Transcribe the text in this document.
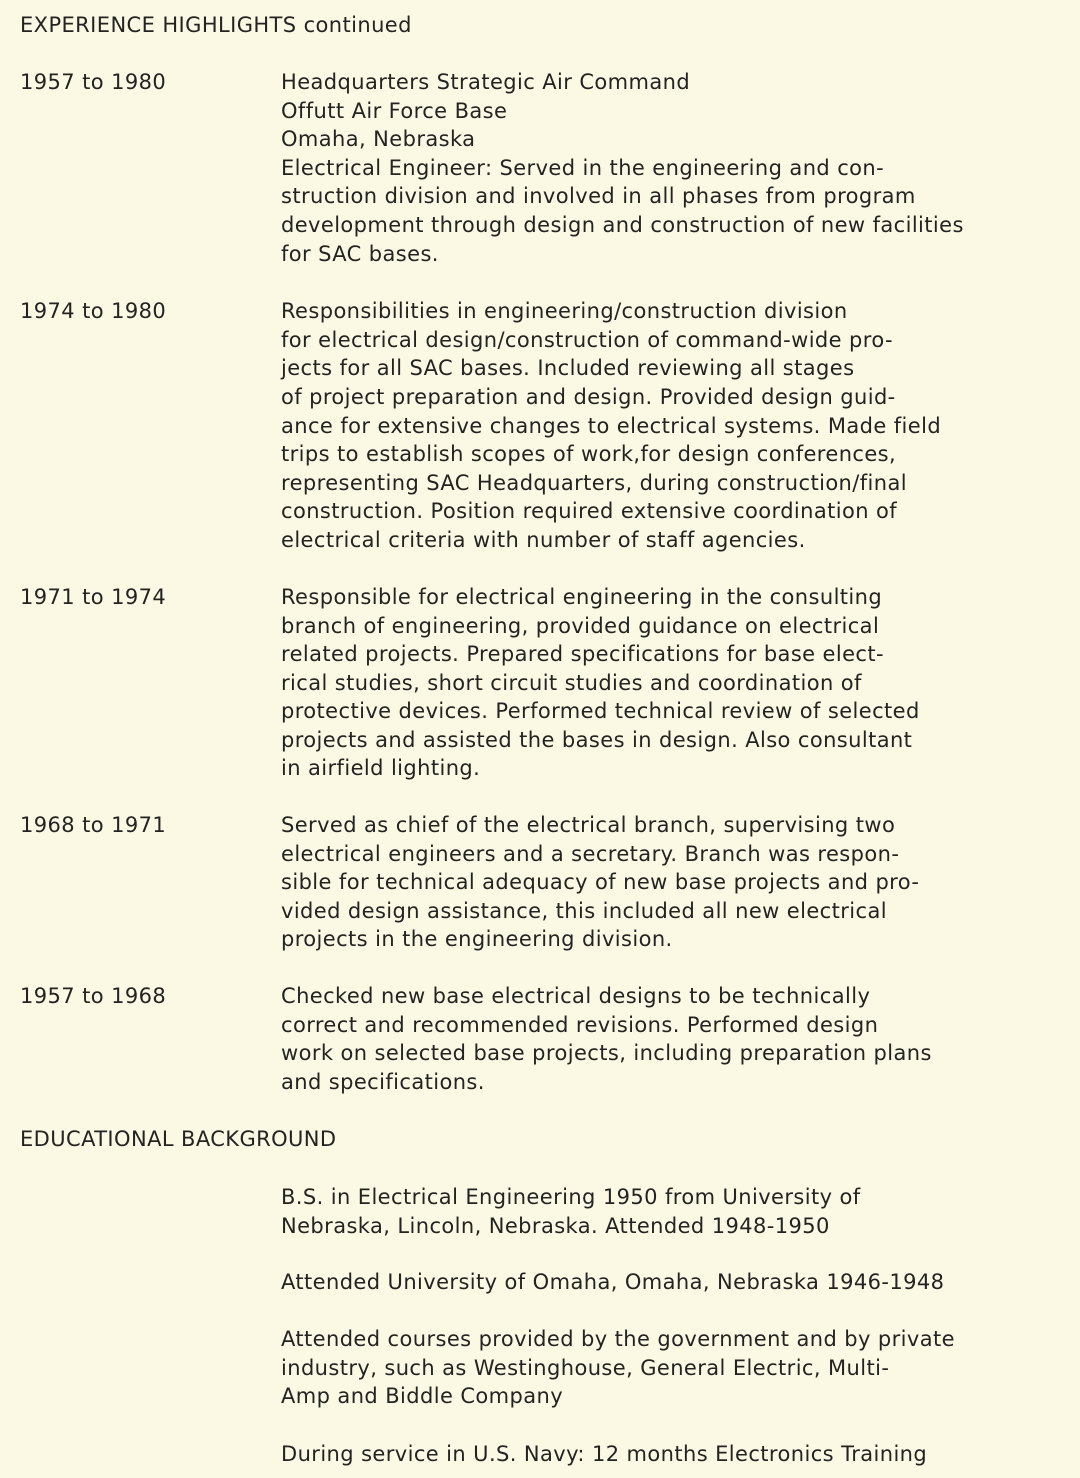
EXPERIENCE HIGHLIGHTS continued
1957 to 1980	Headquarters Strategic Air Command
Offutt Air Force Base
Omaha, Nebraska
Electrical Engineer: Served in the engineering and con-
struction division and involved in all phases from program
development through design and construction of new facilities
for SAC bases.
1974 to 1980	Responsibilities in engineering/construction division
for electrical design/construction of command-wide pro-
jects for all SAC bases. Included reviewing all stages
of project preparation and design. Provided design guid-
ance for extensive changes to electrical systems. Made field
trips to establish scopes of work,for design conferences,
representing SAC Headquarters, during construction/final
construction. Position required extensive coordination of
electrical criteria with number of staff agencies.
1971 to 1974	Responsible for electrical engineering in the consulting
branch of engineering, provided guidance on electrical
related projects. Prepared specifications for base elect-
rical studies, short circuit studies and coordination of
protective devices. Performed technical review of selected
projects and assisted the bases in design. Also consultant
in airfield lighting.
1968 to 1971	Served as chief of the electrical branch, supervising two
electrical engineers and a secretary. Branch was respon-
sible for technical adequacy of new base projects and pro-
vided design assistance, this included all new electrical
projects in the engineering division.
1957 to 1968	Checked new base electrical designs to be technically
correct and recommended revisions. Performed design
work on selected base projects, including preparation plans
and specifications.
EDUCATIONAL BACKGROUND
B.S. in Electrical Engineering 1950 from University of
Nebraska, Lincoln, Nebraska. Attended 1948-1950
Attended University of Omaha, Omaha, Nebraska 1946-1948
Attended courses provided by the government and by private
industry, such as Westinghouse, General Electric, Multi-
Amp and Biddle Company
During service in U.S. Navy: 12 months Electronics Training
